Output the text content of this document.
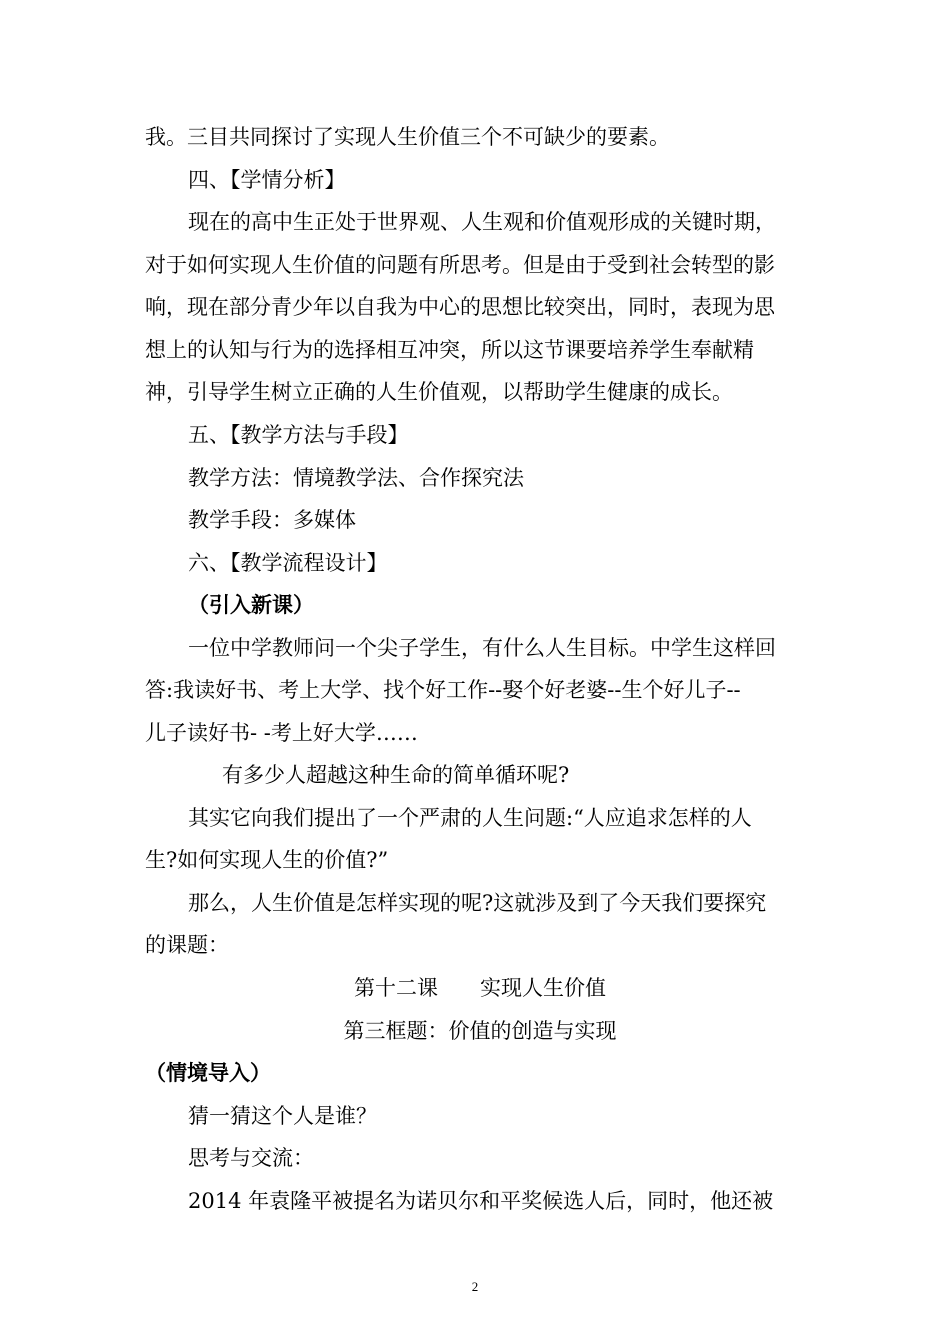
我。三目共同探讨了实现人生价值三个不可缺少的要素。
四、【学情分析】
现在的高中生正处于世界观、人生观和价值观形成的关键时期，
对于如何实现人生价值的问题有所思考。但是由于受到社会转型的影
响，现在部分青少年以自我为中心的思想比较突出，同时，表现为思
想上的认知与行为的选择相互冲突，所以这节课要培养学生奉献精
神，引导学生树立正确的人生价值观，以帮助学生健康的成长。
五、【教学方法与手段】
教学方法：情境教学法、合作探究法
教学手段：多媒体
六、【教学流程设计】
（引入新课）
一位中学教师问一个尖子学生，有什么人生目标。中学生这样回
答:我读好书、考上大学、找个好工作--娶个好老婆--生个好儿子--
儿子读好书- -考上好大学……
有多少人超越这种生命的简单循环呢?
其实它向我们提出了一个严肃的人生问题:“人应追求怎样的人
生?如何实现人生的价值?”
那么，人生价值是怎样实现的呢?这就涉及到了今天我们要探究
的课题：
第十二课　　实现人生价值
第三框题：价值的创造与实现
（情境导入）
猜一猜这个人是谁？
思考与交流：
2014 年袁隆平被提名为诺贝尔和平奖候选人后，同时，他还被
2
